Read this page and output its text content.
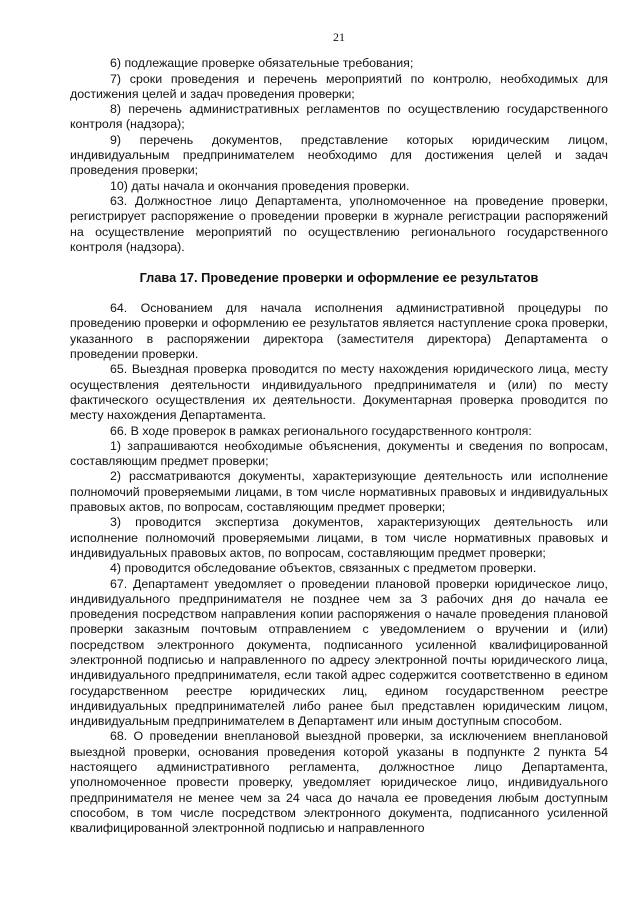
21

6) подлежащие проверке обязательные требования;

7) сроки проведения и перечень мероприятий по контролю, необходимых для достижения целей и задач проведения проверки;

8) перечень административных регламентов по осуществлению государственного контроля (надзора);

9) перечень документов, представление которых юридическим лицом, индивидуальным предпринимателем необходимо для достижения целей и задач проведения проверки;

10) даты начала и окончания проведения проверки.

63. Должностное лицо Департамента, уполномоченное на проведение проверки, регистрирует распоряжение о проведении проверки в журнале регистрации распоряжений на осуществление мероприятий по осуществлению регионального государственного контроля (надзора).

Глава 17. Проведение проверки и оформление ее результатов

64. Основанием для начала исполнения административной процедуры по проведению проверки и оформлению ее результатов является наступление срока проверки, указанного в распоряжении директора (заместителя директора) Департамента о проведении проверки.

65. Выездная проверка проводится по месту нахождения юридического лица, месту осуществления деятельности индивидуального предпринимателя и (или) по месту фактического осуществления их деятельности. Документарная проверка проводится по месту нахождения Департамента.

66. В ходе проверок в рамках регионального государственного контроля:

1) запрашиваются необходимые объяснения, документы и сведения по вопросам, составляющим предмет проверки;

2) рассматриваются документы, характеризующие деятельность или исполнение полномочий проверяемыми лицами, в том числе нормативных правовых и индивидуальных правовых актов, по вопросам, составляющим предмет проверки;

3) проводится экспертиза документов, характеризующих деятельность или исполнение полномочий проверяемыми лицами, в том числе нормативных правовых и индивидуальных правовых актов, по вопросам, составляющим предмет проверки;

4) проводится обследование объектов, связанных с предметом проверки.

67. Департамент уведомляет о проведении плановой проверки юридическое лицо, индивидуального предпринимателя не позднее чем за 3 рабочих дня до начала ее проведения посредством направления копии распоряжения о начале проведения плановой проверки заказным почтовым отправлением с уведомлением о вручении и (или) посредством электронного документа, подписанного усиленной квалифицированной электронной подписью и направленного по адресу электронной почты юридического лица, индивидуального предпринимателя, если такой адрес содержится соответственно в едином государственном реестре юридических лиц, едином государственном реестре индивидуальных предпринимателей либо ранее был представлен юридическим лицом, индивидуальным предпринимателем в Департамент или иным доступным способом.

68. О проведении внеплановой выездной проверки, за исключением внеплановой выездной проверки, основания проведения которой указаны в подпункте 2 пункта 54 настоящего административного регламента, должностное лицо Департамента, уполномоченное провести проверку, уведомляет юридическое лицо, индивидуального предпринимателя не менее чем за 24 часа до начала ее проведения любым доступным способом, в том числе посредством электронного документа, подписанного усиленной квалифицированной электронной подписью и направленного
